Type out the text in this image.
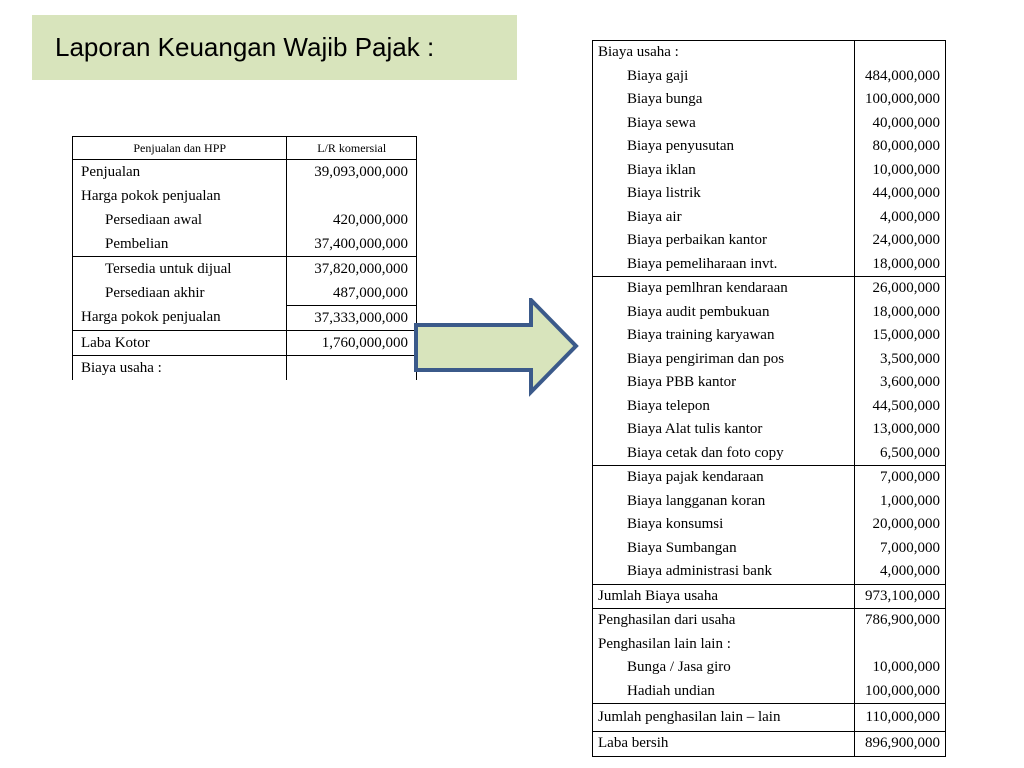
Laporan Keuangan Wajib Pajak :
Penjualan dan HPP	L/R komersial
Penjualan	39,093,000,000
Harga pokok penjualan	
Persediaan awal	420,000,000
Pembelian	37,400,000,000
Tersedia untuk dijual	37,820,000,000
Persediaan akhir	487,000,000
Harga pokok penjualan	37,333,000,000
Laba Kotor	1,760,000,000
Biaya usaha :	
Biaya usaha :	
Biaya gaji	484,000,000
Biaya bunga	100,000,000
Biaya sewa	40,000,000
Biaya penyusutan	80,000,000
Biaya iklan	10,000,000
Biaya listrik	44,000,000
Biaya air	4,000,000
Biaya perbaikan kantor	24,000,000
Biaya pemeliharaan invt.	18,000,000
Biaya pemlhran kendaraan	26,000,000
Biaya audit pembukuan	18,000,000
Biaya training karyawan	15,000,000
Biaya pengiriman dan pos	3,500,000
Biaya PBB kantor	3,600,000
Biaya telepon	44,500,000
Biaya Alat tulis kantor	13,000,000
Biaya cetak dan foto copy	6,500,000
Biaya pajak kendaraan	7,000,000
Biaya langganan koran	1,000,000
Biaya konsumsi	20,000,000
Biaya Sumbangan	7,000,000
Biaya administrasi bank	4,000,000
Jumlah Biaya usaha	973,100,000
Penghasilan dari usaha	786,900,000
Penghasilan lain lain :	
Bunga / Jasa giro	10,000,000
Hadiah undian	100,000,000
Jumlah penghasilan lain – lain	110,000,000
Laba bersih	896,900,000
